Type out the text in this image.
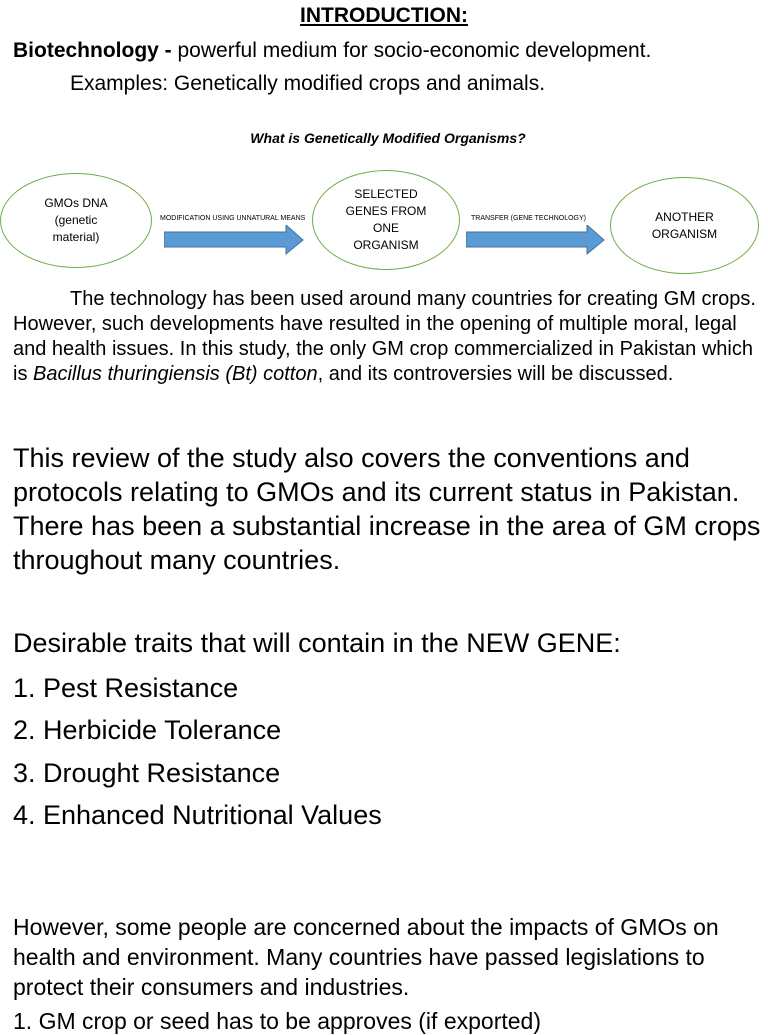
INTRODUCTION:
Biotechnology - powerful medium for socio-economic development.
Examples: Genetically modified crops and animals.
What is Genetically Modified Organisms?
GMOs DNA
(genetic
material)
MODIFICATION USING UNNATURAL MEANS
SELECTED
GENES FROM
ONE
ORGANISM
TRANSFER (GENE TECHNOLOGY)	ANOTHER
ORGANISM
The technology has been used around many countries for creating GM crops. However, such developments have resulted in the opening of multiple moral, legal and health issues. In this study, the only GM crop commercialized in Pakistan which is Bacillus thuringiensis (Bt) cotton, and its controversies will be discussed.
This review of the study also covers the conventions and protocols relating to GMOs and its current status in Pakistan. There has been a substantial increase in the area of GM crops throughout many countries.
Desirable traits that will contain in the NEW GENE:
1. Pest Resistance
2. Herbicide Tolerance
3. Drought Resistance
4. Enhanced Nutritional Values
However, some people are concerned about the impacts of GMOs on health and environment. Many countries have passed legislations to protect their consumers and industries.
1. GM crop or seed has to be approves (if exported)
